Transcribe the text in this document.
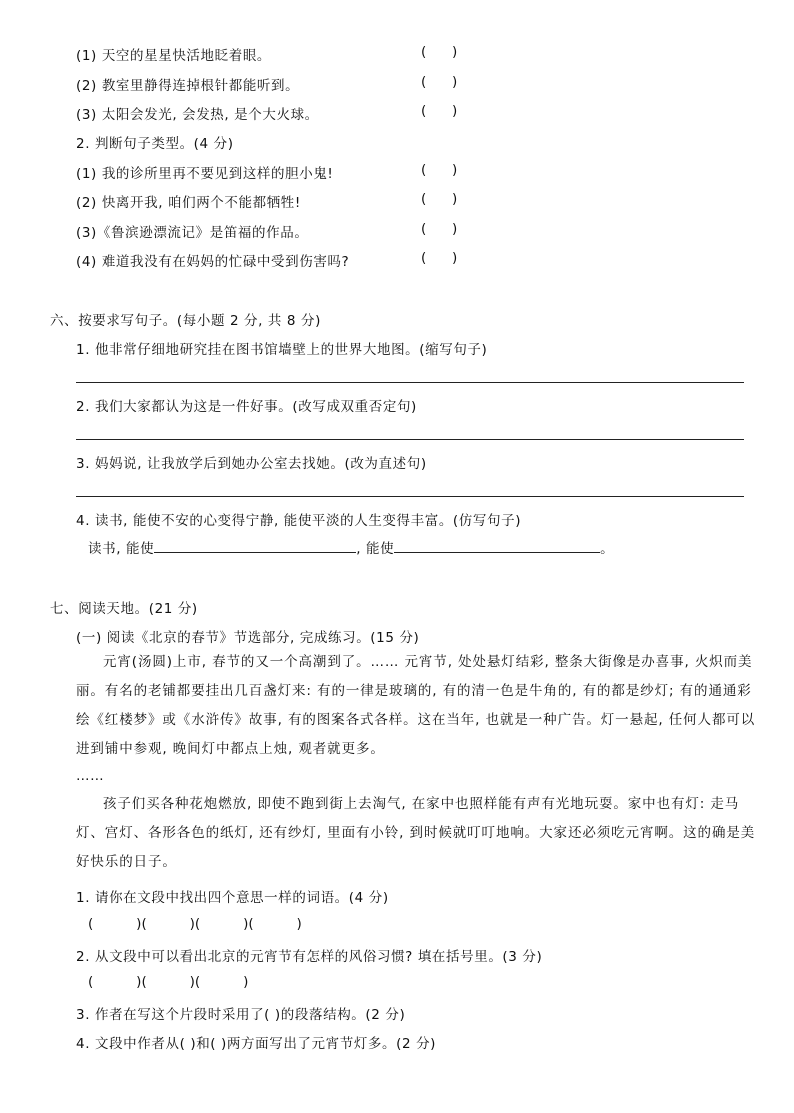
(1) 天空的星星快活地眨着眼。	(      )
(2) 教室里静得连掉根针都能听到。	(      )
(3) 太阳会发光, 会发热, 是个大火球。	(      )
2. 判断句子类型。(4 分)
(1) 我的诊所里再不要见到这样的胆小鬼!	(      )
(2) 快离开我, 咱们两个不能都牺牲!	(      )
(3)《鲁滨逊漂流记》是笛福的作品。	(      )
(4) 难道我没有在妈妈的忙碌中受到伤害吗?	(      )
六、按要求写句子。(每小题 2 分, 共 8 分)
1. 他非常仔细地研究挂在图书馆墙壁上的世界大地图。(缩写句子)
2. 我们大家都认为这是一件好事。(改写成双重否定句)
3. 妈妈说, 让我放学后到她办公室去找她。(改为直述句)
4. 读书, 能使不安的心变得宁静, 能使平淡的人生变得丰富。(仿写句子)
读书, 能使	, 能使	。
七、阅读天地。(21 分)
(一) 阅读《北京的春节》节选部分, 完成练习。(15 分)
元宵(汤圆)上市, 春节的又一个高潮到了。…… 元宵节, 处处悬灯结彩, 整条大街像是办喜事, 火炽而美丽。有名的老铺都要挂出几百盏灯来: 有的一律是玻璃的, 有的清一色是牛角的, 有的都是纱灯; 有的通通彩绘《红楼梦》或《水浒传》故事, 有的图案各式各样。这在当年, 也就是一种广告。灯一悬起, 任何人都可以进到铺中参观, 晚间灯中都点上烛, 观者就更多。
……
孩子们买各种花炮燃放, 即使不跑到街上去淘气, 在家中也照样能有声有光地玩耍。家中也有灯: 走马灯、宫灯、各形各色的纸灯, 还有纱灯, 里面有小铃, 到时候就叮叮地响。大家还必须吃元宵啊。这的确是美好快乐的日子。
1. 请你在文段中找出四个意思一样的词语。(4 分)
(          )(          )(          )(          )
2. 从文段中可以看出北京的元宵节有怎样的风俗习惯? 填在括号里。(3 分)
(          )(          )(          )
3. 作者在写这个片段时采用了( )的段落结构。(2 分)
4. 文段中作者从( )和( )两方面写出了元宵节灯多。(2 分)
